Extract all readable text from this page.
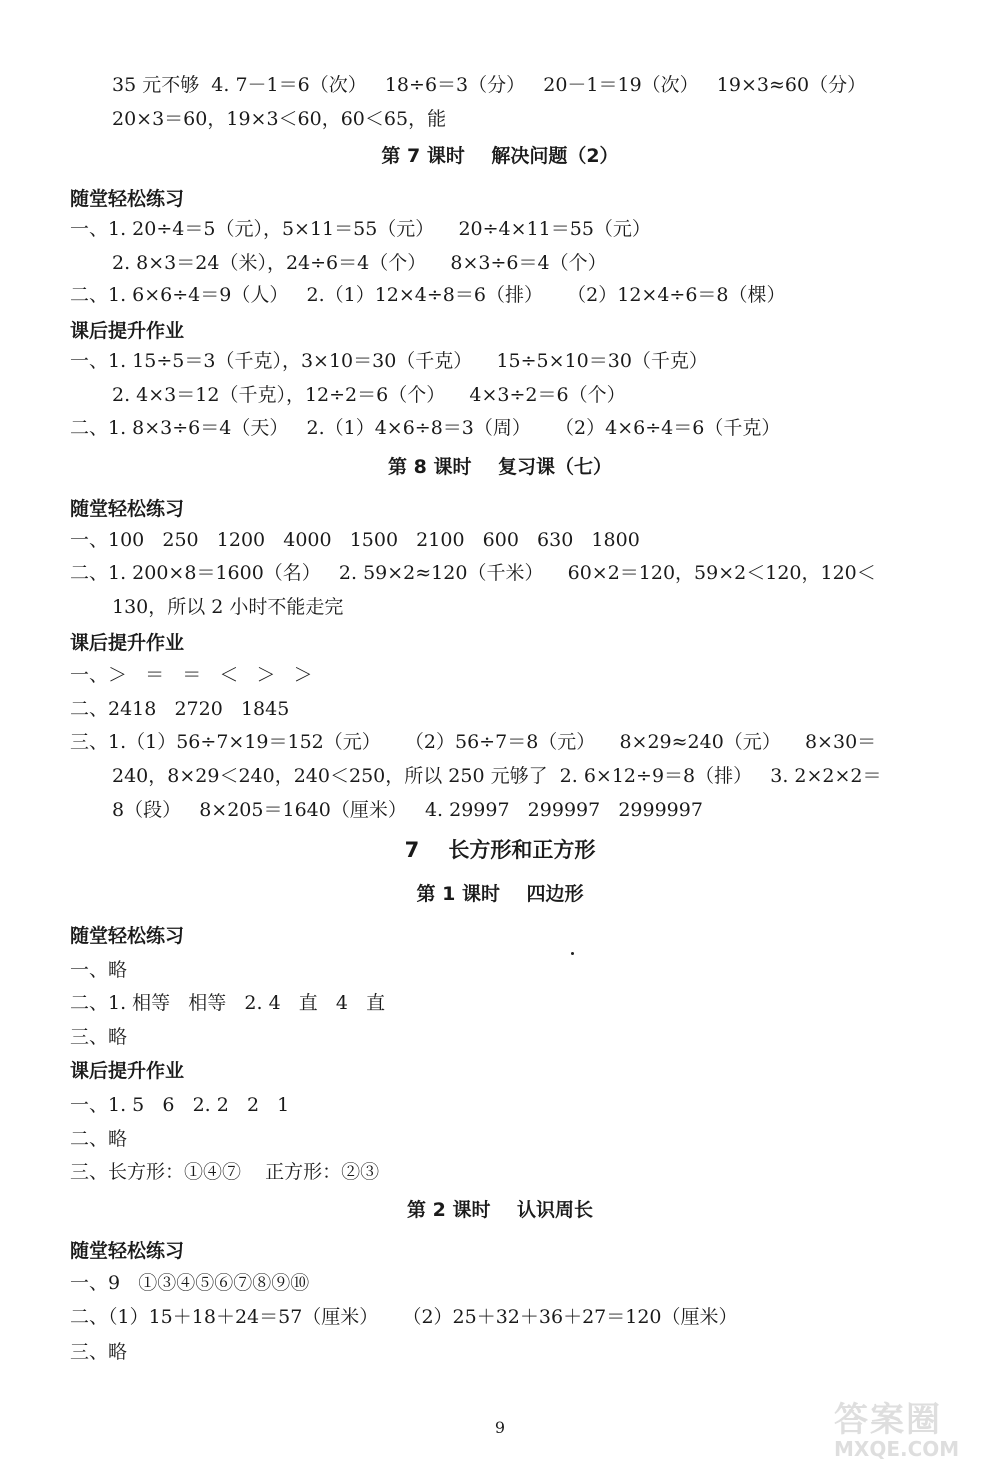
35 元不够  4. 7－1＝6（次）   18÷6＝3（分）   20－1＝19（次）   19×3≈60（分）
20×3＝60，19×3＜60，60＜65，能
第 7 课时    解决问题（2）
随堂轻松练习
一、1. 20÷4＝5（元），5×11＝55（元）    20÷4×11＝55（元）
2. 8×3＝24（米），24÷6＝4（个）    8×3÷6＝4（个）
二、1. 6×6÷4＝9（人）   2.（1）12×4÷8＝6（排）    （2）12×4÷6＝8（棵）
课后提升作业
一、1. 15÷5＝3（千克），3×10＝30（千克）    15÷5×10＝30（千克）
2. 4×3＝12（千克），12÷2＝6（个）    4×3÷2＝6（个）
二、1. 8×3÷6＝4（天）   2.（1）4×6÷8＝3（周）    （2）4×6÷4＝6（千克）
第 8 课时    复习课（七）
随堂轻松练习
一、100   250   1200   4000   1500   2100   600   630   1800
二、1. 200×8＝1600（名）   2. 59×2≈120（千米）    60×2＝120，59×2＜120，120＜
130，所以 2 小时不能走完
课后提升作业
一、＞   ＝   ＝   ＜   ＞   ＞
二、2418   2720   1845
三、1.（1）56÷7×19＝152（元）    （2）56÷7＝8（元）    8×29≈240（元）    8×30＝
240，8×29＜240，240＜250，所以 250 元够了  2. 6×12÷9＝8（排）   3. 2×2×2＝
8（段）   8×205＝1640（厘米）   4. 29997   299997   2999997
7    长方形和正方形
第 1 课时    四边形
随堂轻松练习
一、略
二、1. 相等   相等   2. 4   直   4   直
三、略
课后提升作业
一、1. 5   6   2. 2   2   1
二、略
三、长方形：①④⑦    正方形：②③
第 2 课时    认识周长
随堂轻松练习
一、9   ①③④⑤⑥⑦⑧⑨⑩
二、（1）15＋18＋24＝57（厘米）    （2）25＋32＋36＋27＝120（厘米）
三、略
9	答案圈
MXQE.COM
